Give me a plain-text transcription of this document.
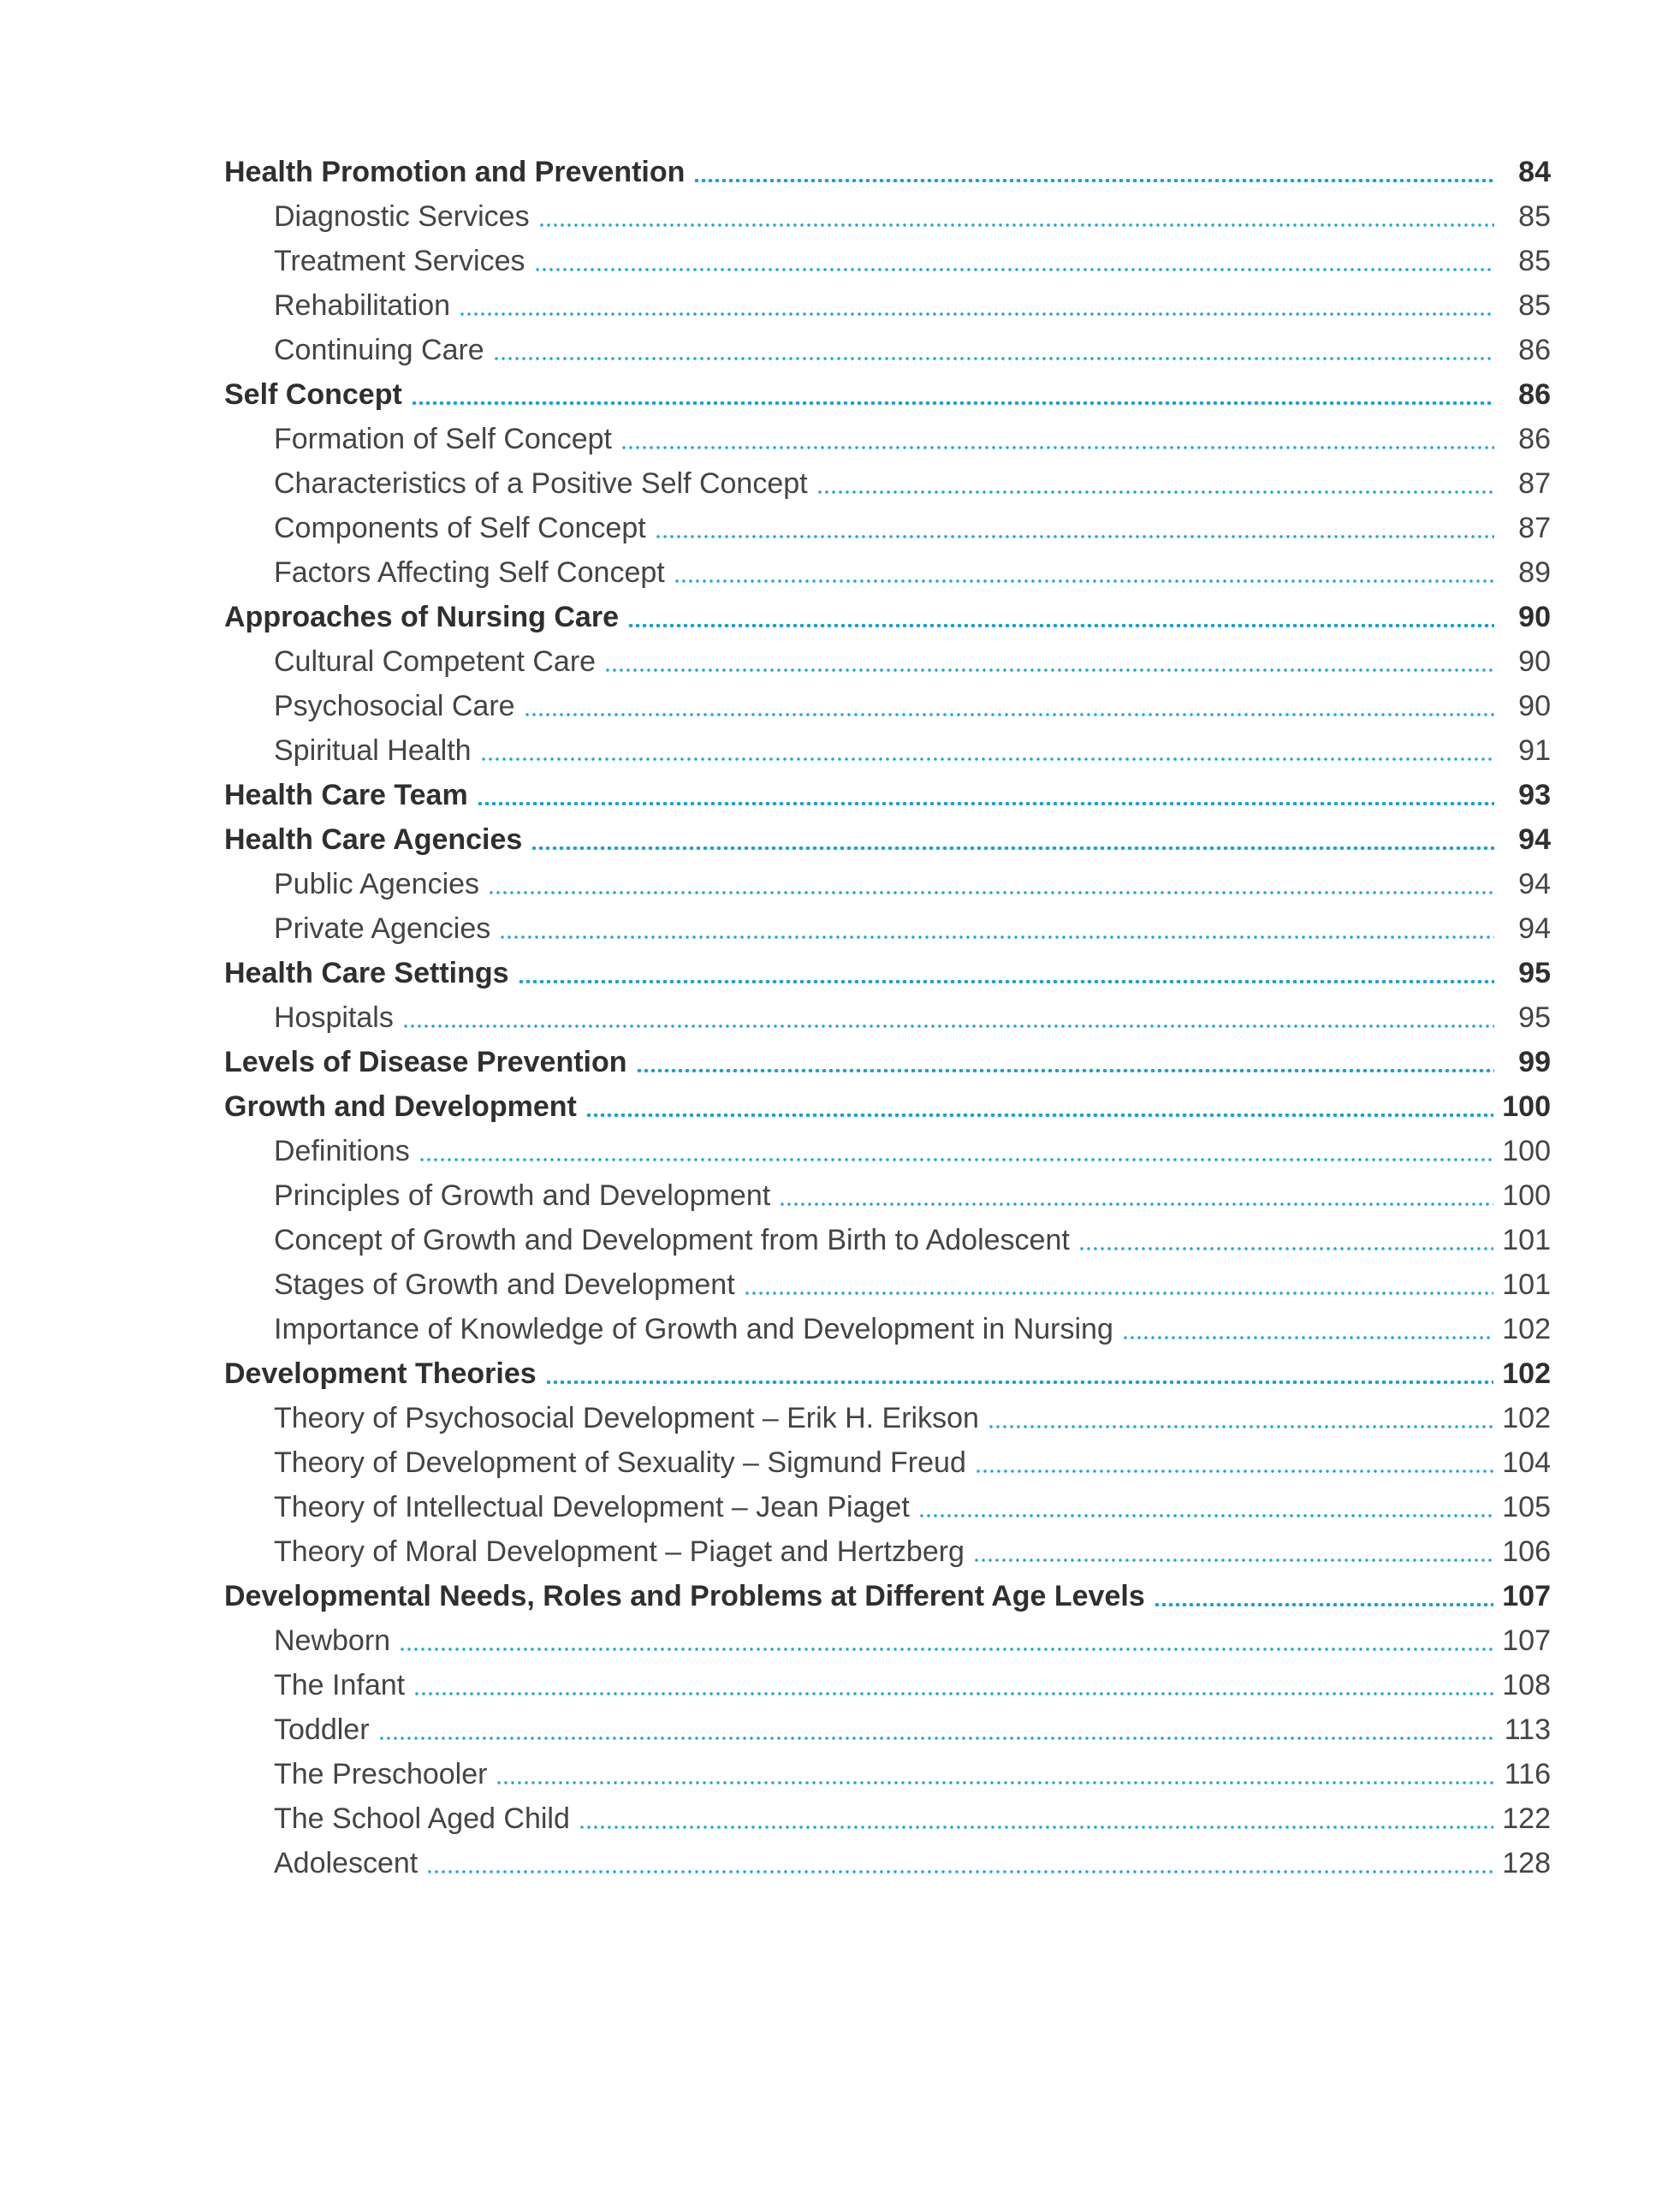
Health Promotion and Prevention	84
Diagnostic Services	85
Treatment Services	85
Rehabilitation	85
Continuing Care	86
Self Concept	86
Formation of Self Concept	86
Characteristics of a Positive Self Concept	87
Components of Self Concept	87
Factors Affecting Self Concept	89
Approaches of Nursing Care	90
Cultural Competent Care	90
Psychosocial Care	90
Spiritual Health	91
Health Care Team	93
Health Care Agencies	94
Public Agencies	94
Private Agencies	94
Health Care Settings	95
Hospitals	95
Levels of Disease Prevention	99
Growth and Development	100
Definitions	100
Principles of Growth and Development	100
Concept of Growth and Development from Birth to Adolescent	101
Stages of Growth and Development	101
Importance of Knowledge of Growth and Development in Nursing	102
Development Theories	102
Theory of Psychosocial Development – Erik H. Erikson	102
Theory of Development of Sexuality – Sigmund Freud	104
Theory of Intellectual Development – Jean Piaget	105
Theory of Moral Development – Piaget and Hertzberg	106
Developmental Needs, Roles and Problems at Different Age Levels	107
Newborn	107
The Infant	108
Toddler	113
The Preschooler	116
The School Aged Child	122
Adolescent	128
